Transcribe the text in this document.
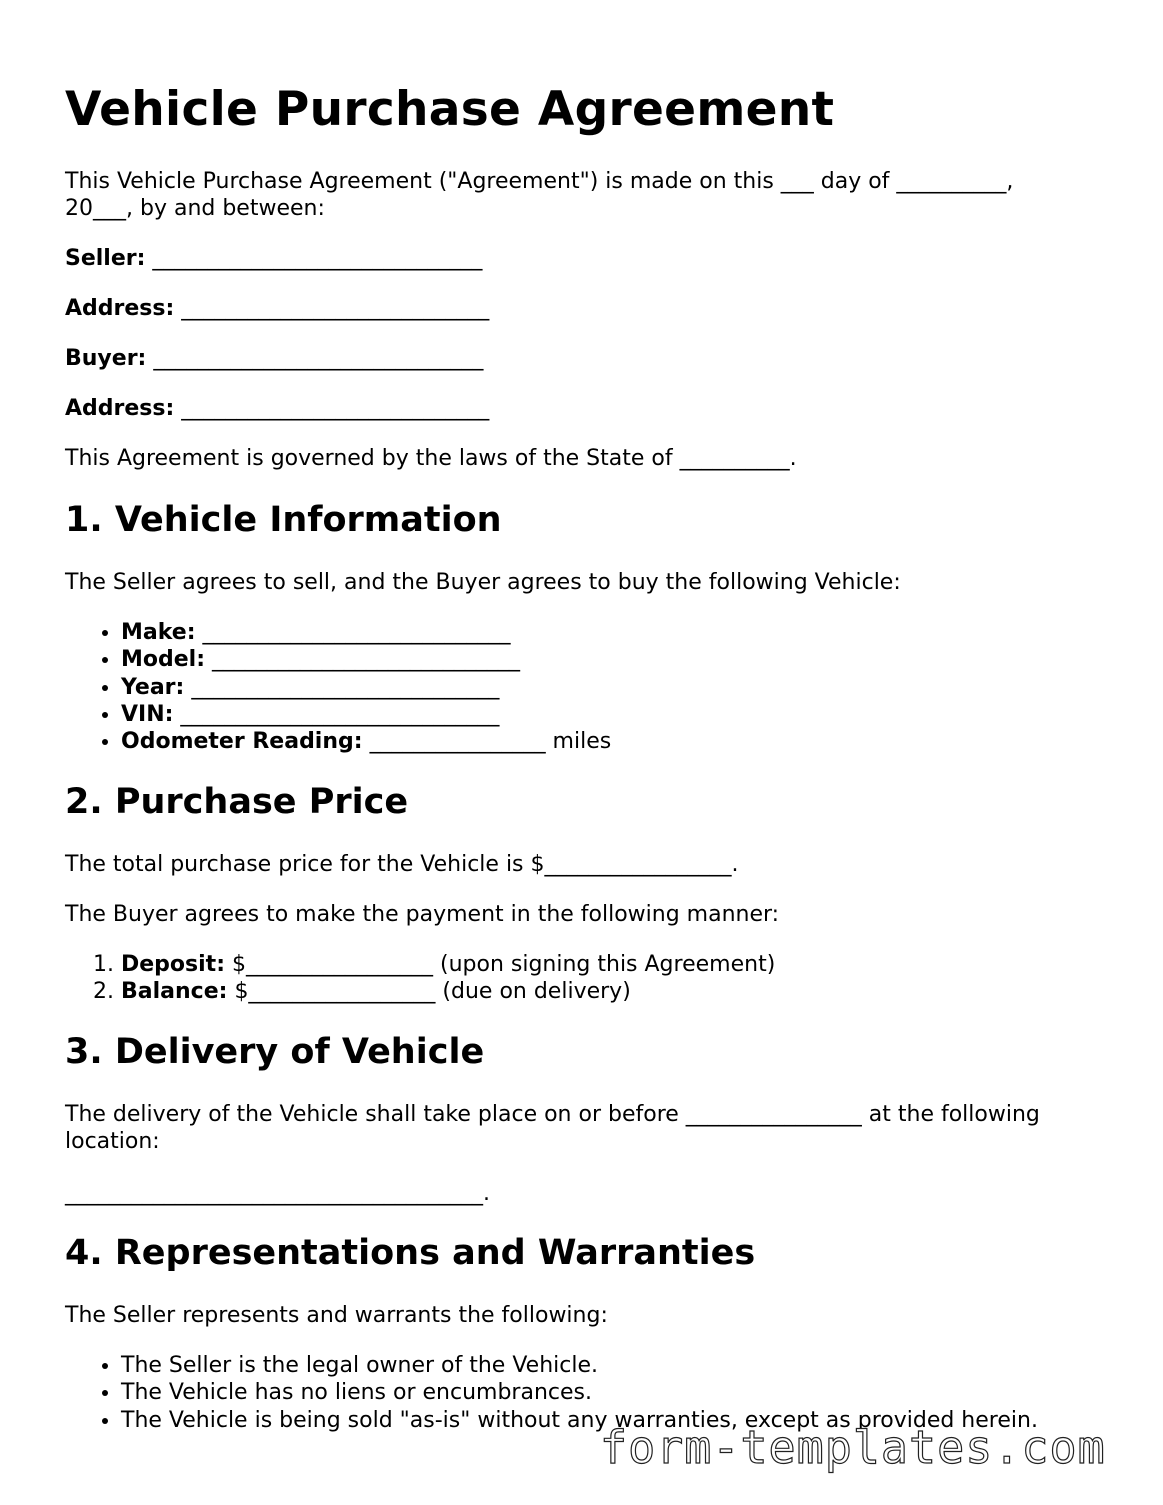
Vehicle Purchase Agreement

This Vehicle Purchase Agreement ("Agreement") is made on this ___ day of __________, 20___, by and between:

Seller: ______________________________

Address: ____________________________

Buyer: ______________________________

Address: ____________________________

This Agreement is governed by the laws of the State of __________.

1. Vehicle Information

The Seller agrees to sell, and the Buyer agrees to buy the following Vehicle:

• Make: ____________________________
• Model: ____________________________
• Year: ____________________________
• VIN: _____________________________
• Odometer Reading: ________________ miles
2. Purchase Price

The total purchase price for the Vehicle is $_________________.

The Buyer agrees to make the payment in the following manner:

1. Deposit: $_________________ (upon signing this Agreement)
2. Balance: $_________________ (due on delivery)
3. Delivery of Vehicle

The delivery of the Vehicle shall take place on or before ________________ at the following location:

______________________________________.

4. Representations and Warranties

The Seller represents and warrants the following:

• The Seller is the legal owner of the Vehicle.
• The Vehicle has no liens or encumbrances.
• The Vehicle is being sold "as-is" without any warranties, except as provided herein.
form-templates.com
